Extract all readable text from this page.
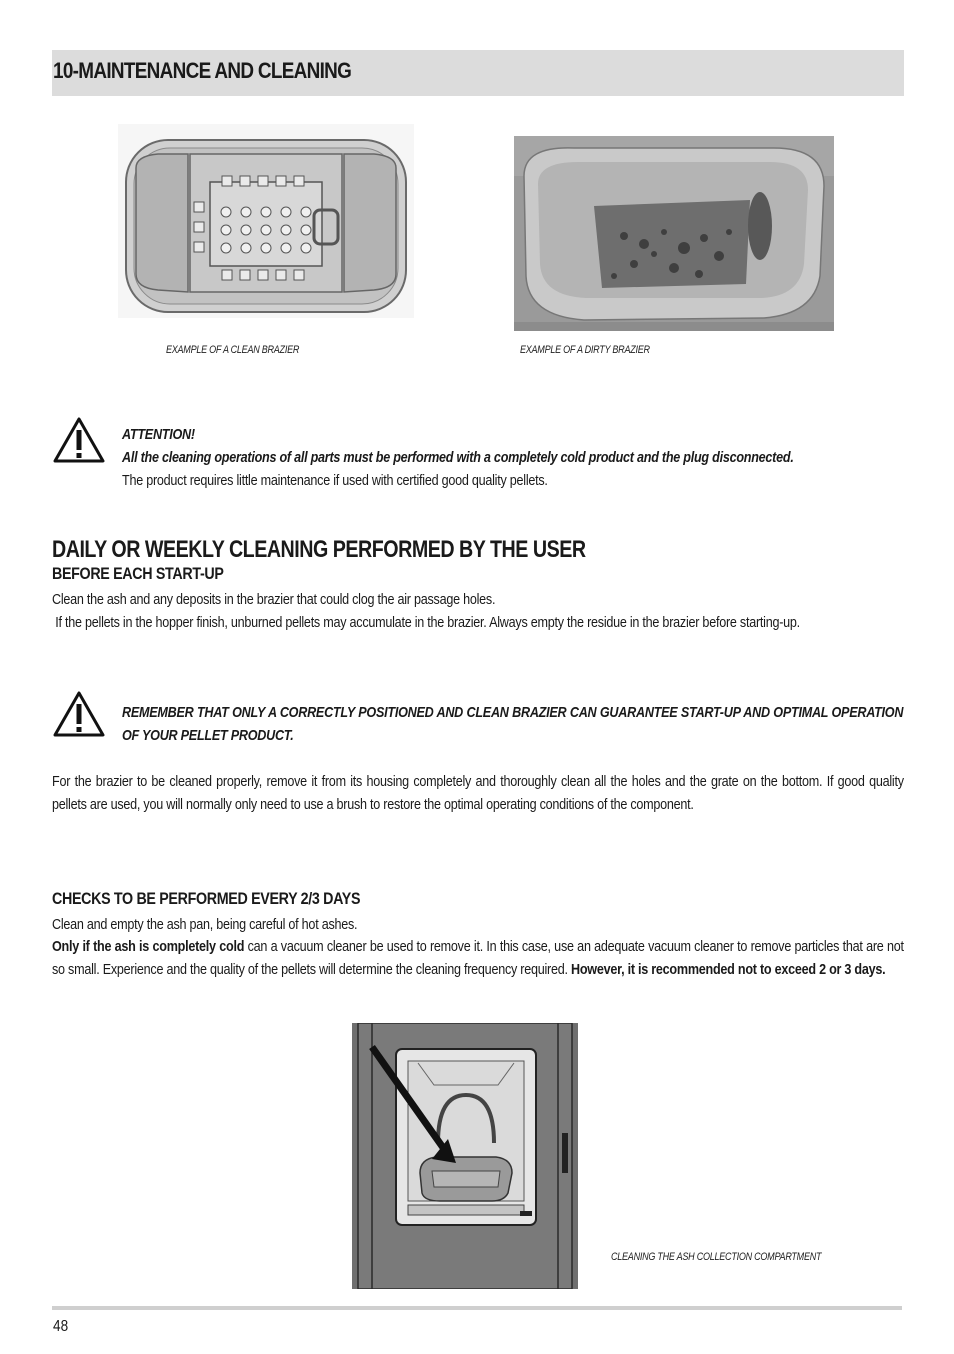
10-MAINTENANCE AND CLEANING
EXAMPLE OF A CLEAN BRAZIER	EXAMPLE OF A DIRTY BRAZIER
ATTENTION!
All the cleaning operations of all parts must be performed with a completely cold product and the plug disconnected.
The product requires little maintenance if used with certified good quality pellets.
DAILY OR WEEKLY CLEANING PERFORMED BY THE USER
BEFORE EACH START-UP
Clean the ash and any deposits in the brazier that could clog the air passage holes.
If the pellets in the hopper finish, unburned pellets may accumulate in the brazier. Always empty the residue in the brazier before starting-up.
REMEMBER THAT ONLY A CORRECTLY POSITIONED AND CLEAN BRAZIER CAN GUARANTEE START-UP AND OPTIMAL OPERATION OF YOUR PELLET PRODUCT.
For the brazier to be cleaned properly, remove it from its housing completely and thoroughly clean all the holes and the grate on the bottom. If good quality pellets are used, you will normally only need to use a brush to restore the optimal operating conditions of the component.
CHECKS TO BE PERFORMED EVERY 2/3 DAYS
Clean and empty the ash pan, being careful of hot ashes.
Only if the ash is completely cold can a vacuum cleaner be used to remove it. In this case, use an adequate vacuum cleaner to remove particles that are not so small. Experience and the quality of the pellets will determine the cleaning frequency required. However, it is recommended not to exceed 2 or 3 days.
CLEANING THE ASH COLLECTION COMPARTMENT
48
